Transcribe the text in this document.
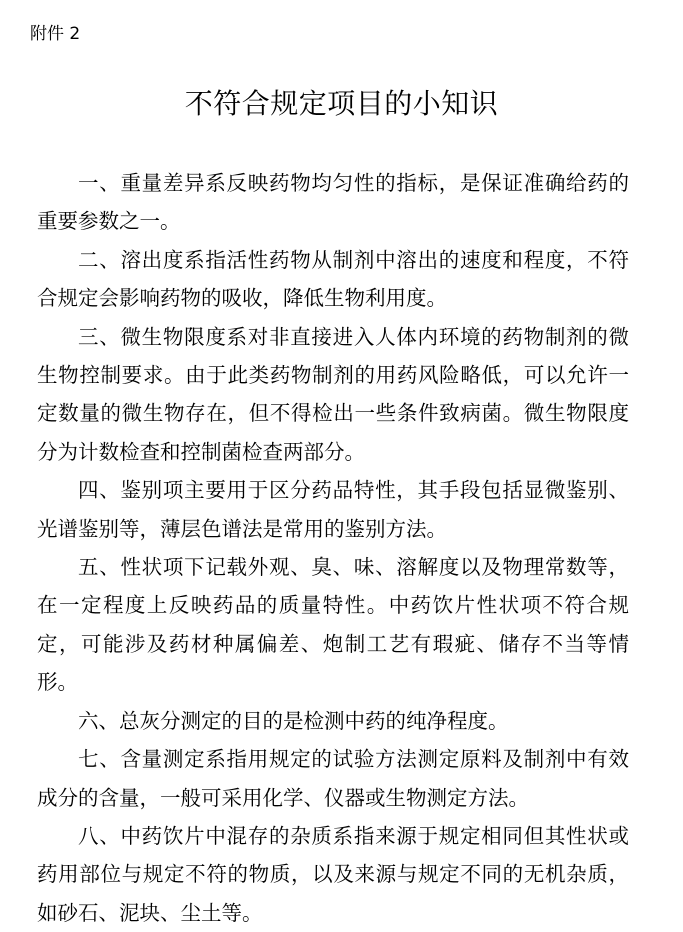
附件 2
不符合规定项目的小知识

一、重量差异系反映药物均匀性的指标，是保证准确给药的重要参数之一。

二、溶出度系指活性药物从制剂中溶出的速度和程度，不符合规定会影响药物的吸收，降低生物利用度。

三、微生物限度系对非直接进入人体内环境的药物制剂的微生物控制要求。由于此类药物制剂的用药风险略低，可以允许一定数量的微生物存在，但不得检出一些条件致病菌。微生物限度分为计数检查和控制菌检查两部分。

四、鉴别项主要用于区分药品特性，其手段包括显微鉴别、光谱鉴别等，薄层色谱法是常用的鉴别方法。

五、性状项下记载外观、臭、味、溶解度以及物理常数等，在一定程度上反映药品的质量特性。中药饮片性状项不符合规定，可能涉及药材种属偏差、炮制工艺有瑕疵、储存不当等情形。

六、总灰分测定的目的是检测中药的纯净程度。

七、含量测定系指用规定的试验方法测定原料及制剂中有效成分的含量，一般可采用化学、仪器或生物测定方法。

八、中药饮片中混存的杂质系指来源于规定相同但其性状或药用部位与规定不符的物质，以及来源与规定不同的无机杂质，如砂石、泥块、尘土等。
